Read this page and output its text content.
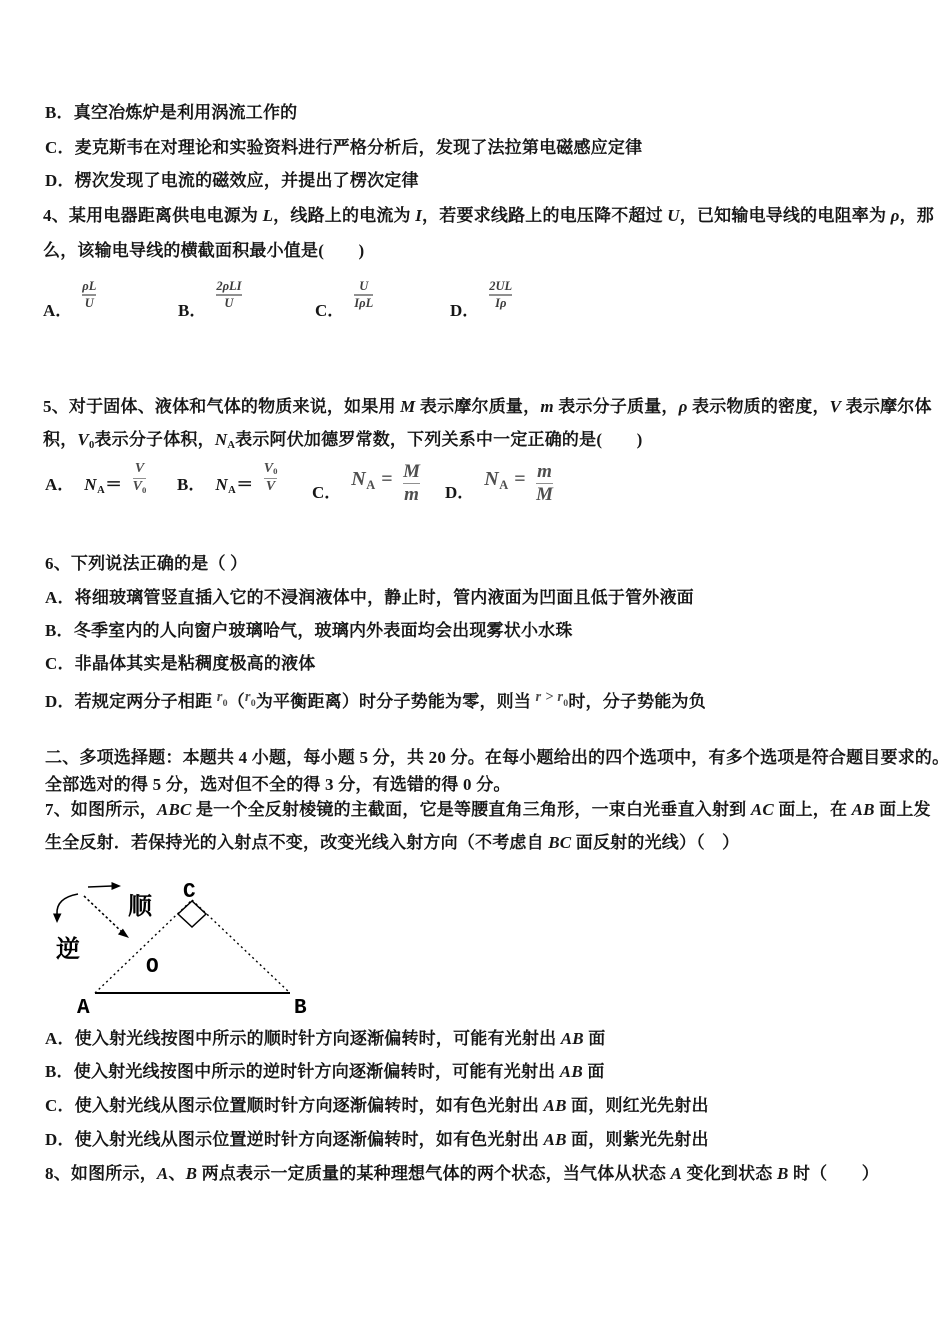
B．真空冶炼炉是利用涡流工作的
C．麦克斯韦在对理论和实验资料进行严格分析后，发现了法拉第电磁感应定律
D．楞次发现了电流的磁效应，并提出了楞次定律
4、某用电器距离供电电源为 L，线路上的电流为 I，若要求线路上的电压降不超过 U，已知输电导线的电阻率为 ρ，那
么，该输电导线的横截面积最小值是(　　)
5、对于固体、液体和气体的物质来说，如果用 M 表示摩尔质量，m 表示分子质量，ρ 表示物质的密度，V 表示摩尔体
积，V0表示分子体积，NA表示阿伏加德罗常数，下列关系中一定正确的是(　　)
6、下列说法正确的是（ ）
A．将细玻璃管竖直插入它的不浸润液体中，静止时，管内液面为凹面且低于管外液面
B．冬季室内的人向窗户玻璃哈气，玻璃内外表面均会出现雾状小水珠
C．非晶体其实是粘稠度极高的液体
D．若规定两分子相距 $^r$0（$^r$0为平衡距离）时分子势能为零，则当 $^{r > r}$0时，分子势能为负
二、多项选择题：本题共 4 小题，每小题 5 分，共 20 分。在每小题给出的四个选项中，有多个选项是符合题目要求的。
全部选对的得 5 分，选对但不全的得 3 分，有选错的得 0 分。
7、如图所示，ABC 是一个全反射棱镜的主截面，它是等腰直角三角形，一束白光垂直入射到 AC 面上，在 AB 面上发
生全反射．若保持光的入射点不变，改变光线入射方向（不考虑自 BC 面反射的光线）（　）
A．使入射光线按图中所示的顺时针方向逐渐偏转时，可能有光射出 AB 面
B．使入射光线按图中所示的逆时针方向逐渐偏转时，可能有光射出 AB 面
C．使入射光线从图示位置顺时针方向逐渐偏转时，如有色光射出 AB 面，则红光先射出
D．使入射光线从图示位置逆时针方向逐渐偏转时，如有色光射出 AB 面，则紫光先射出
8、如图所示，A、B 两点表示一定质量的某种理想气体的两个状态，当气体从状态 A 变化到状态 B 时（　　）
A．
$\frac{\rho L}{U}$
B．
$\frac{\text{2ρLI}}{U}$
C．
$\frac{U}{\text{IρL}}$
D．
$\frac{2UL}{I\rho}$
A． $NA= \frac{V}{V0}$ B． $NA= \frac{V0}{V}$ C．
NA = $\frac{M}{m}$ D．
NA = $\frac{m}{M}$
C
A	B
O
顺
逆
